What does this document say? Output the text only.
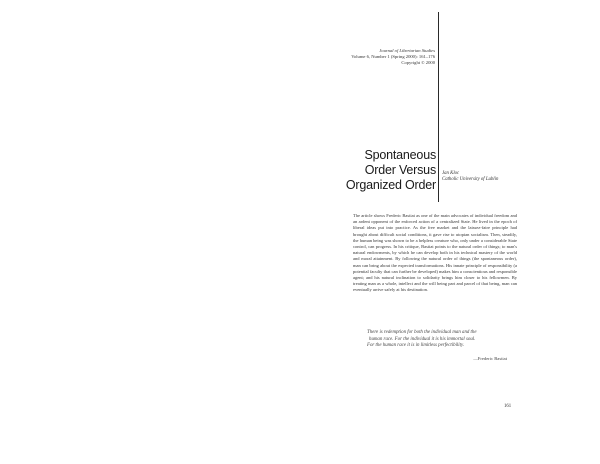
Journal of Libertarian Studies
Volume 6, Number 1 (Spring 2000): 161–176
Copyright © 2000
Spontaneous
Order Versus
Organized Order
Jan Kloc
Catholic University of Lublin
The article shows Frederic Bastiat as one of the main advocates of individual freedom and an ardent opponent of the enforced action of a centralized State. He lived in the epoch of liberal ideas put into practice. As the free market and the laissez-faire principle had brought about difficult social conditions, it gave rise to utopian socialism. Then, steadily, the human being was shown to be a helpless creature who, only under a considerable State control, can progress. In his critique, Bastiat points to the natural order of things; to man's natural endowments, by which he can develop both in his technical mastery of the world and moral attainment. By following the natural order of things (the spontaneous order), man can bring about the expected transformations. His innate principle of responsibility (a potential faculty that can further be developed) makes him a conscientious and responsible agent; and his natural inclination to solidarity brings him closer to his fellowmen. By treating man as a whole, intellect and the will being part and parcel of that being, man can eventually arrive safely at his destination.
There is redemption for both the individual man and the
human race. For the individual it is his immortal soul.
For the human race it is in limitless perfectibility.
—Frederic Bastiat
161
